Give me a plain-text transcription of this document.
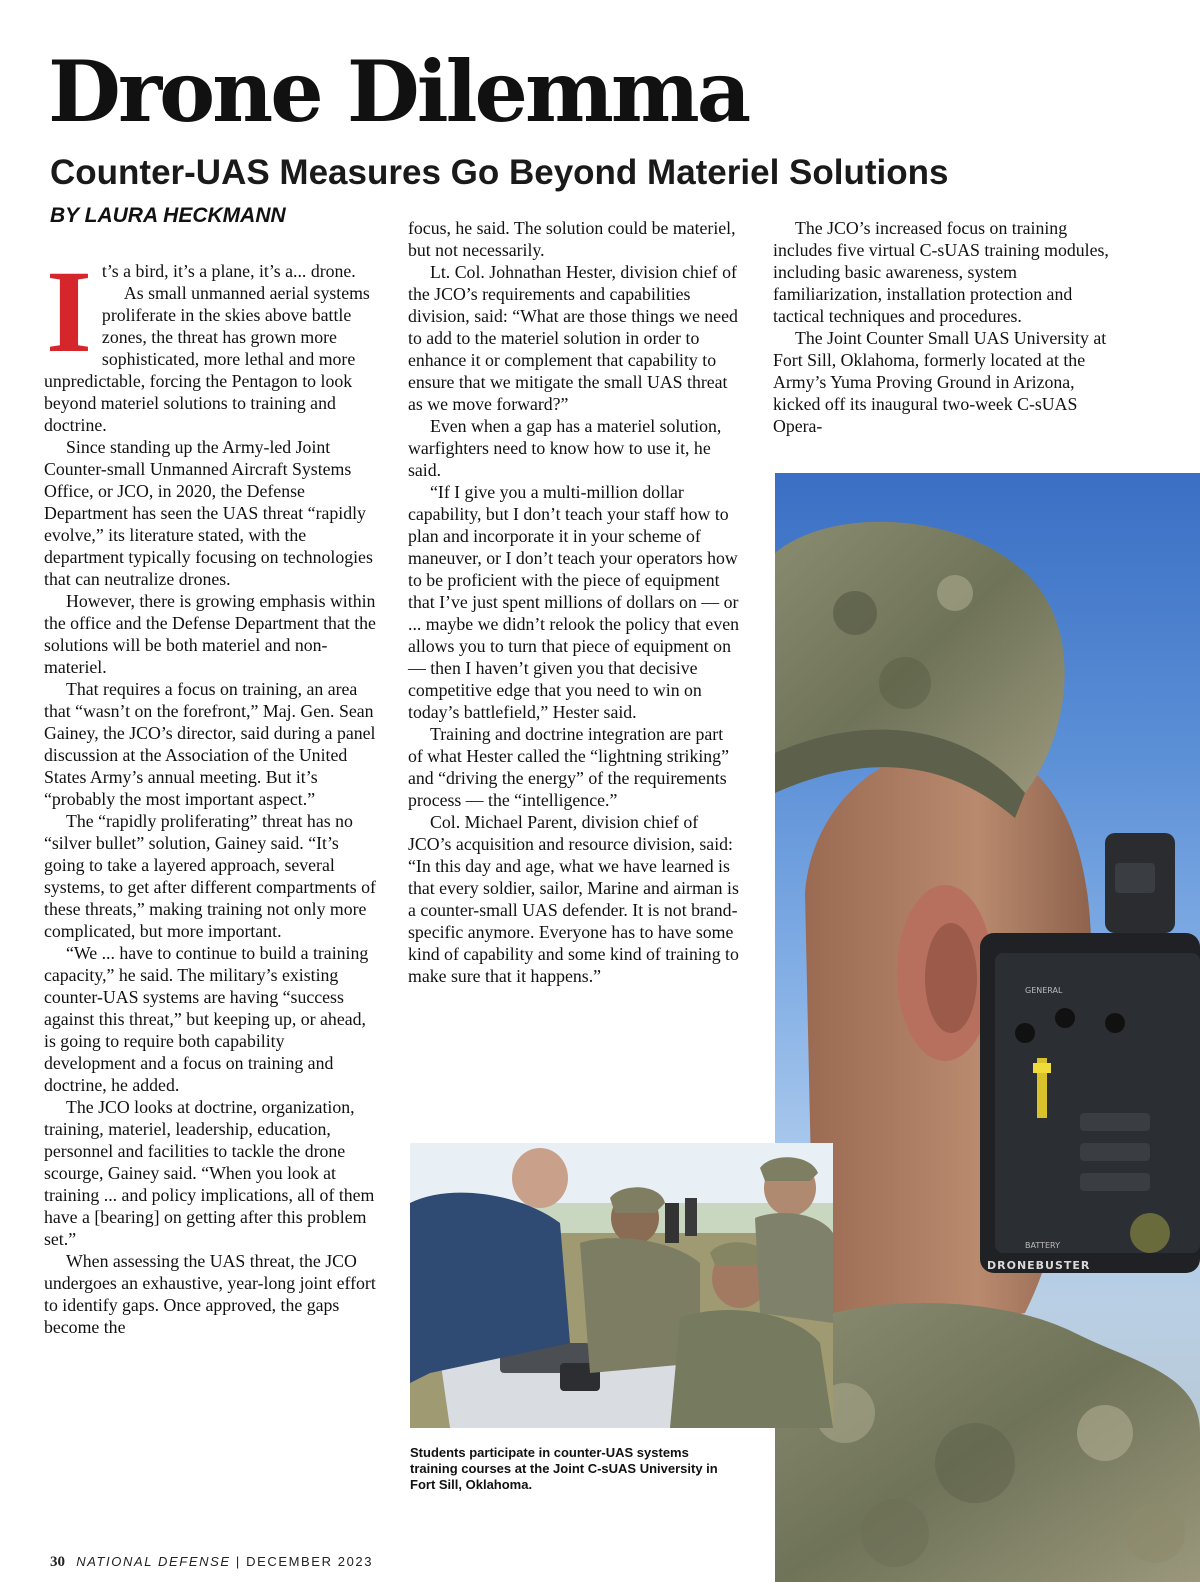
Drone Dilemma
Counter-UAS Measures Go Beyond Materiel Solutions
BY LAURA HECKMANN
I t’s a bird, it’s a plane, it’s a... drone.

As small unmanned aerial systems proliferate in the skies above battle zones, the threat has grown more sophisticated, more lethal and more unpredictable, forcing the Pentagon to look beyond materiel solutions to training and doctrine.

Since standing up the Army-led Joint Counter-small Unmanned Aircraft Systems Office, or JCO, in 2020, the Defense Department has seen the UAS threat “rapidly evolve,” its literature stated, with the department typically focusing on technologies that can neutralize drones.

However, there is growing emphasis within the office and the Defense Department that the solutions will be both materiel and non-materiel.

That requires a focus on training, an area that “wasn’t on the forefront,” Maj. Gen. Sean Gainey, the JCO’s director, said during a panel discussion at the Association of the United States Army’s annual meeting. But it’s “probably the most important aspect.”

The “rapidly proliferating” threat has no “silver bullet” solution, Gainey said. “It’s going to take a layered approach, several systems, to get after different compartments of these threats,” making training not only more complicated, but more important.

“We ... have to continue to build a training capacity,” he said. The military’s existing counter-UAS systems are having “success against this threat,” but keeping up, or ahead, is going to require both capability development and a focus on training and doctrine, he added.

The JCO looks at doctrine, organization, training, materiel, leadership, education, personnel and facilities to tackle the drone scourge, Gainey said. “When you look at training ... and policy implications, all of them have a [bearing] on getting after this problem set.”

When assessing the UAS threat, the JCO undergoes an exhaustive, year-long joint effort to identify gaps. Once approved, the gaps become the

focus, he said. The solution could be materiel, but not necessarily.

Lt. Col. Johnathan Hester, division chief of the JCO’s requirements and capabilities division, said: “What are those things we need to add to the materiel solution in order to enhance it or complement that capability to ensure that we mitigate the small UAS threat as we move forward?”

Even when a gap has a materiel solution, warfighters need to know how to use it, he said.

“If I give you a multi-million dollar capability, but I don’t teach your staff how to plan and incorporate it in your scheme of maneuver, or I don’t teach your operators how to be proficient with the piece of equipment that I’ve just spent millions of dollars on — or ... maybe we didn’t relook the policy that even allows you to turn that piece of equipment on — then I haven’t given you that decisive competitive edge that you need to win on today’s battlefield,” Hester said.

Training and doctrine integration are part of what Hester called the “lightning striking” and “driving the energy” of the requirements process — the “intelligence.”

Col. Michael Parent, division chief of JCO’s acquisition and resource division, said: “In this day and age, what we have learned is that every soldier, sailor, Marine and airman is a counter-small UAS defender. It is not brand-specific anymore. Everyone has to have some kind of capability and some kind of training to make sure that it happens.”

The JCO’s increased focus on training includes five virtual C-sUAS training modules, including basic awareness, system familiarization, installation protection and tactical techniques and procedures.

The Joint Counter Small UAS University at Fort Sill, Oklahoma, formerly located at the Army’s Yuma Proving Ground in Arizona, kicked off its inaugural two-week C-sUAS Opera-

GENERAL
BATTERY
DRONEBUSTER
Students participate in counter-UAS systems training courses at the Joint C-sUAS University in Fort Sill, Oklahoma.
30 NATIONAL DEFENSE | DECEMBER 2023
